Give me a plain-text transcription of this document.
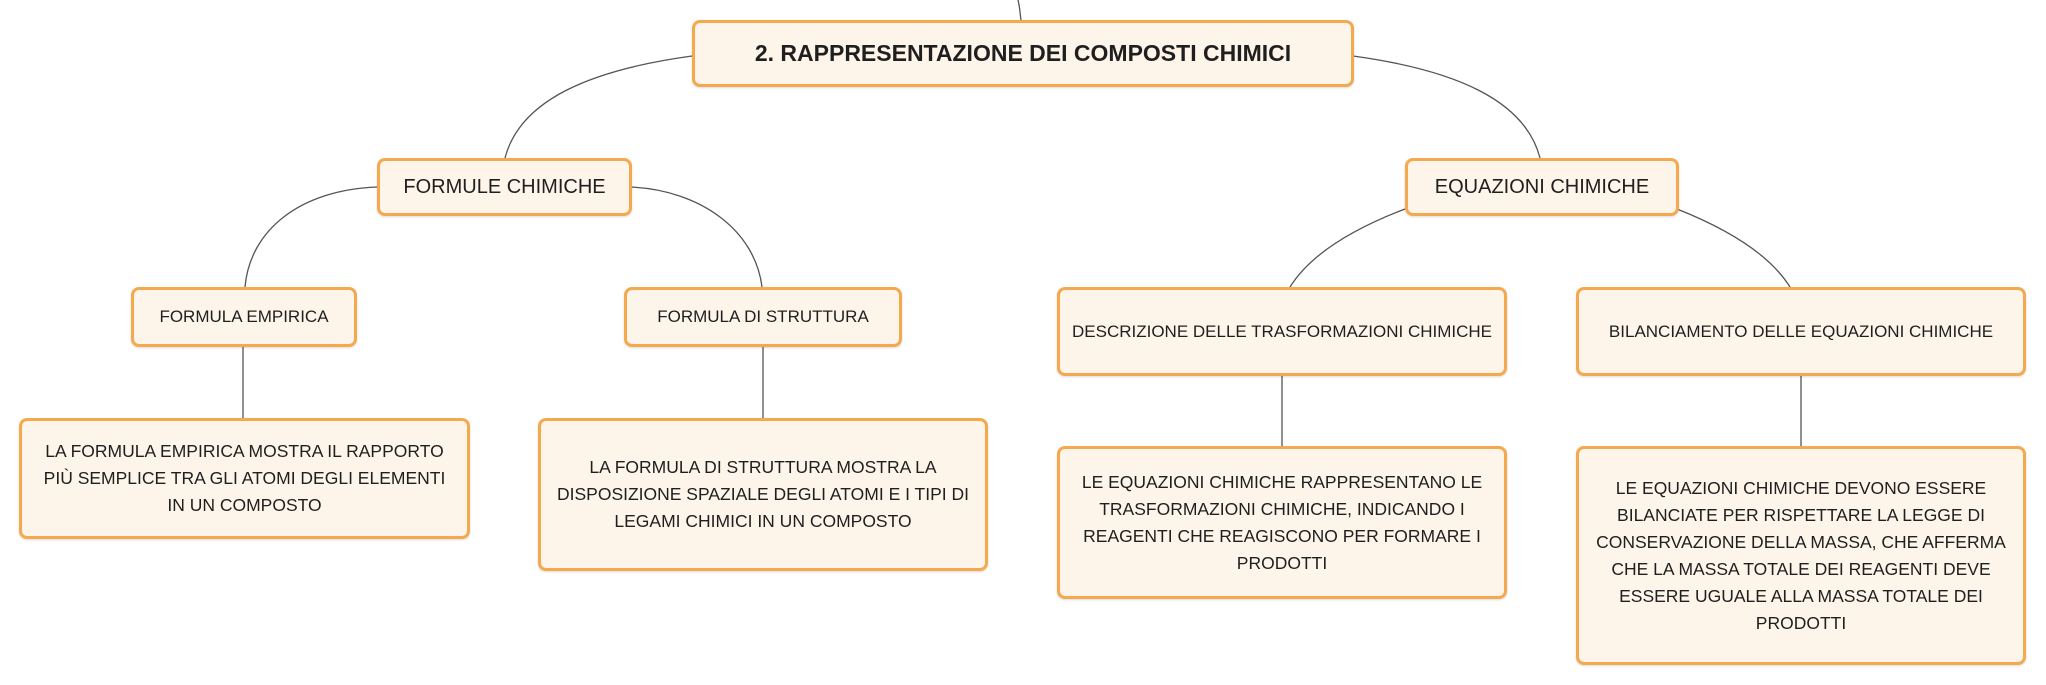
2. RAPPRESENTAZIONE DEI COMPOSTI CHIMICI
FORMULE CHIMICHE	EQUAZIONI CHIMICHE
FORMULA EMPIRICA	FORMULA DI STRUTTURA
DESCRIZIONE DELLE TRASFORMAZIONI CHIMICHE	BILANCIAMENTO DELLE EQUAZIONI CHIMICHE
LA FORMULA EMPIRICA MOSTRA IL RAPPORTO PIÙ SEMPLICE TRA GLI ATOMI DEGLI ELEMENTI IN UN COMPOSTO
LA FORMULA DI STRUTTURA MOSTRA LA DISPOSIZIONE SPAZIALE DEGLI ATOMI E I TIPI DI LEGAMI CHIMICI IN UN COMPOSTO
LE EQUAZIONI CHIMICHE RAPPRESENTANO LE TRASFORMAZIONI CHIMICHE, INDICANDO I REAGENTI CHE REAGISCONO PER FORMARE I PRODOTTI
LE EQUAZIONI CHIMICHE DEVONO ESSERE BILANCIATE PER RISPETTARE LA LEGGE DI CONSERVAZIONE DELLA MASSA, CHE AFFERMA CHE LA MASSA TOTALE DEI REAGENTI DEVE ESSERE UGUALE ALLA MASSA TOTALE DEI PRODOTTI
